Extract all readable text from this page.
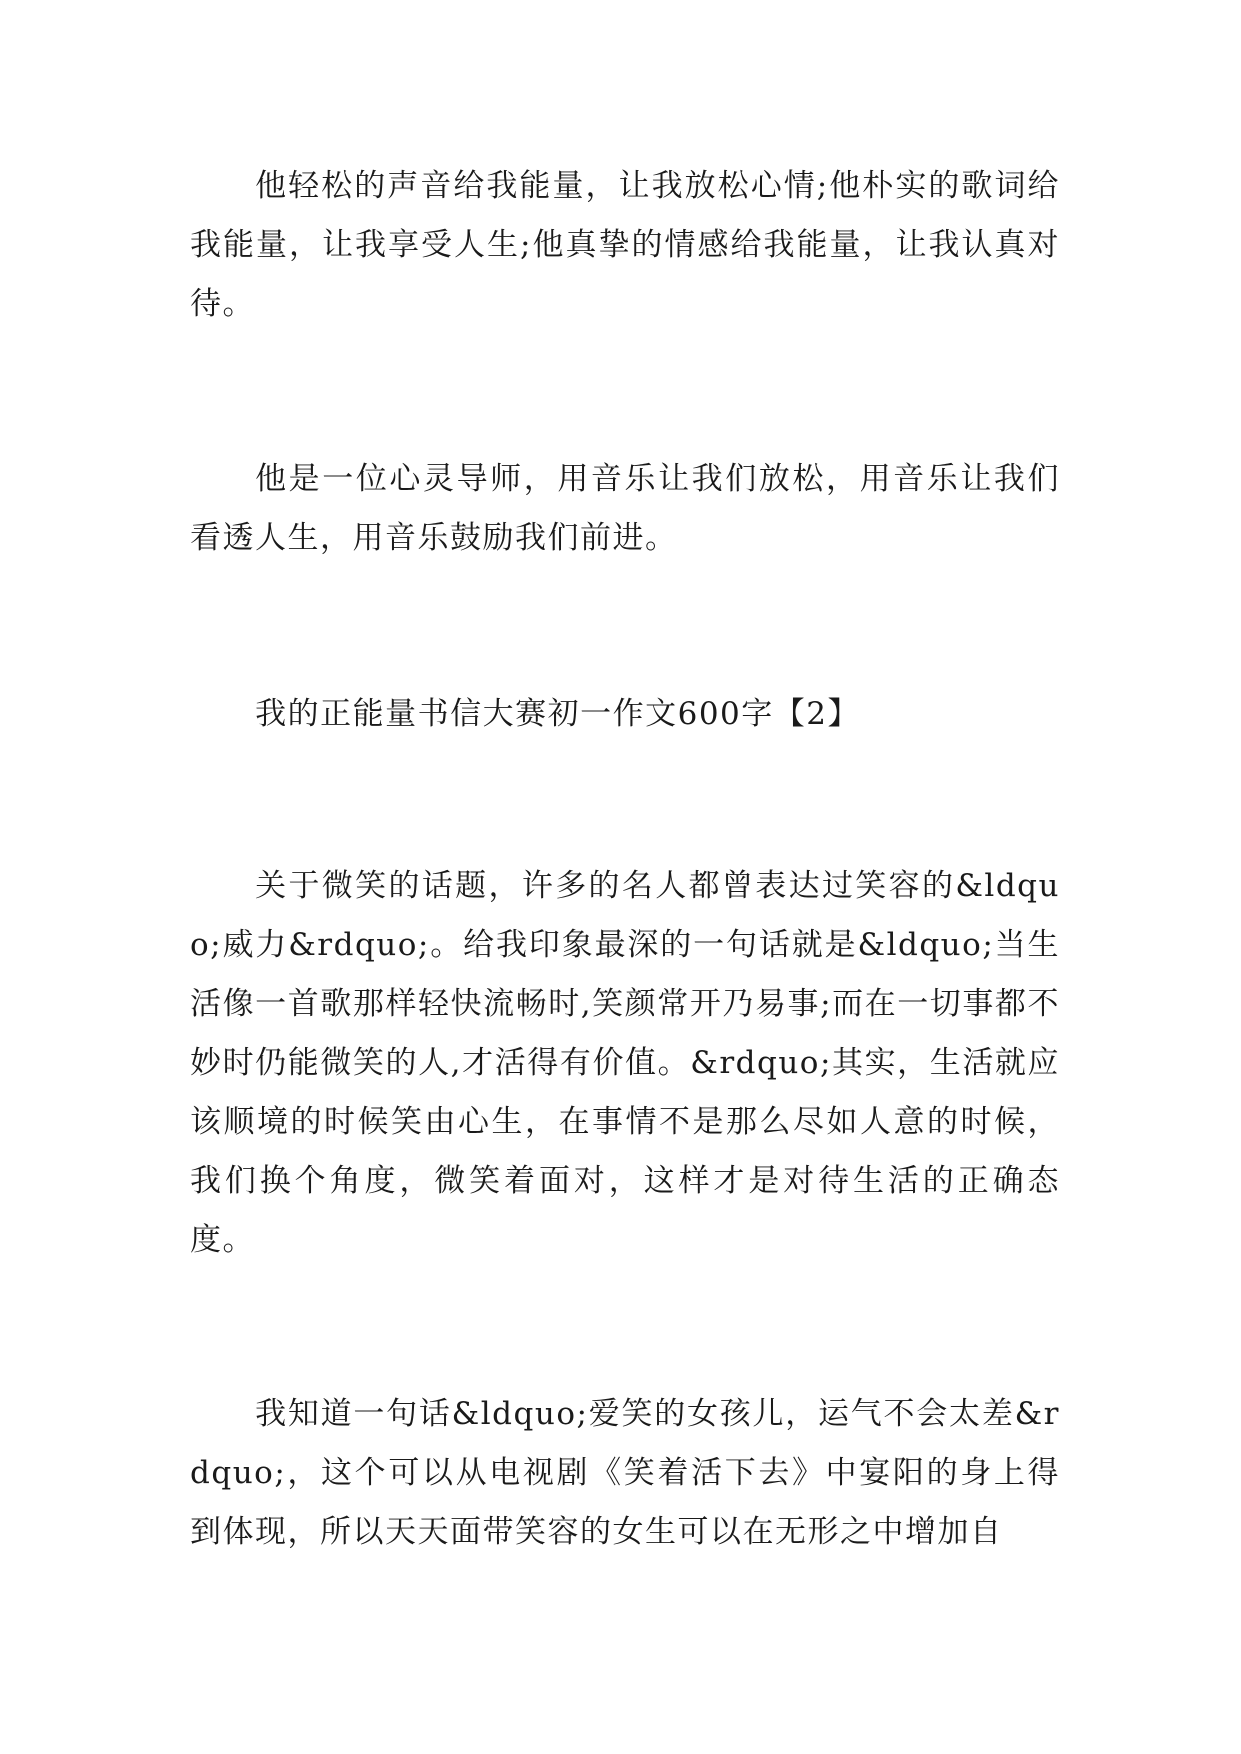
他轻松的声音给我能量，让我放松心情;他朴实的歌词给我能量，让我享受人生;他真挚的情感给我能量，让我认真对待。

他是一位心灵导师，用音乐让我们放松，用音乐让我们看透人生，用音乐鼓励我们前进。

我的正能量书信大赛初一作文600字【2】

关于微笑的话题，许多的名人都曾表达过笑容的&ldquo;威力&rdquo;。给我印象最深的一句话就是&ldquo;当生活像一首歌那样轻快流畅时,笑颜常开乃易事;而在一切事都不妙时仍能微笑的人,才活得有价值。&rdquo;其实，生活就应该顺境的时候笑由心生，在事情不是那么尽如人意的时候，我们换个角度，微笑着面对，这样才是对待生活的正确态度。

我知道一句话&ldquo;爱笑的女孩儿，运气不会太差&rdquo;，这个可以从电视剧《笑着活下去》中宴阳的身上得到体现，所以天天面带笑容的女生可以在无形之中增加自
